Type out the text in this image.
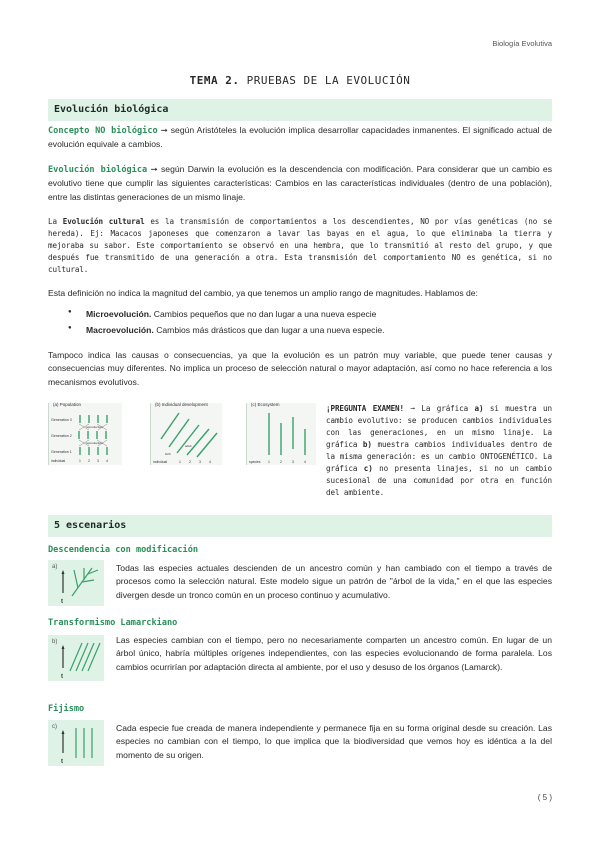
Biología Evolutiva
TEMA 2. PRUEBAS DE LA EVOLUCIÓN
Evolución biológica
Concepto NO biológico ➞ según Aristóteles la evolución implica desarrollar capacidades inmanentes. El significado actual de evolución equivale a cambios.
Evolución biológica ➞ según Darwin la evolución es la descendencia con modificación. Para considerar que un cambio es evolutivo tiene que cumplir las siguientes características: Cambios en las características individuales (dentro de una población), entre las distintas generaciones de un mismo linaje.
La Evolución cultural es la transmisión de comportamientos a los descendientes, NO por vías genéticas (no se hereda). Ej: Macacos japoneses que comenzaron a lavar las bayas en el agua, lo que eliminaba la tierra y mejoraba su sabor. Este comportamiento se observó en una hembra, que lo transmitió al resto del grupo, y que después fue transmitido de una generación a otra. Esta transmisión del comportamiento NO es genética, si no cultural.
Esta definición no indica la magnitud del cambio, ya que tenemos un amplio rango de magnitudes. Hablamos de:
● Microevolución. Cambios pequeños que no dan lugar a una nueva especie
● Macroevolución. Cambios más drásticos que dan lugar a una nueva especie.
Tampoco indica las causas o consecuencias, ya que la evolución es un patrón muy variable, que puede tener causas y consecuencias muy diferentes. No implica un proceso de selección natural o mayor adaptación, así como no hace referencia a los mecanismos evolutivos.
(a) Population
Generation 3
Generation 2
Generation 1
reproduction
reproduction
individual	1 2 3 4
(b) Individual development
adult
birth
individual	1 2 3 4
(c) Ecosystem
species 1	2	3	4
¡PREGUNTA EXAMEN! ➞ La gráfica a) si muestra un cambio evolutivo: se producen cambios individuales con las generaciones, en un mismo linaje. La gráfica b) muestra cambios individuales dentro de la misma generación: es un cambio ONTOGENÉTICO. La gráfica c) no presenta linajes, si no un cambio sucesional de una comunidad por otra en función del ambiente.
5 escenarios
Descendencia con modificación
a)
t
Todas las especies actuales descienden de un ancestro común y han cambiado con el tiempo a través de procesos como la selección natural. Este modelo sigue un patrón de "árbol de la vida," en el que las especies divergen desde un tronco común en un proceso continuo y acumulativo.
Transformismo Lamarckiano
b)
t
Las especies cambian con el tiempo, pero no necesariamente comparten un ancestro común. En lugar de un árbol único, habría múltiples orígenes independientes, con las especies evolucionando de forma paralela. Los cambios ocurrirían por adaptación directa al ambiente, por el uso y desuso de los órganos (Lamarck).
Fijismo
c)
t
Cada especie fue creada de manera independiente y permanece fija en su forma original desde su creación. Las especies no cambian con el tiempo, lo que implica que la biodiversidad que vemos hoy es idéntica a la del momento de su origen.
( 5 )
